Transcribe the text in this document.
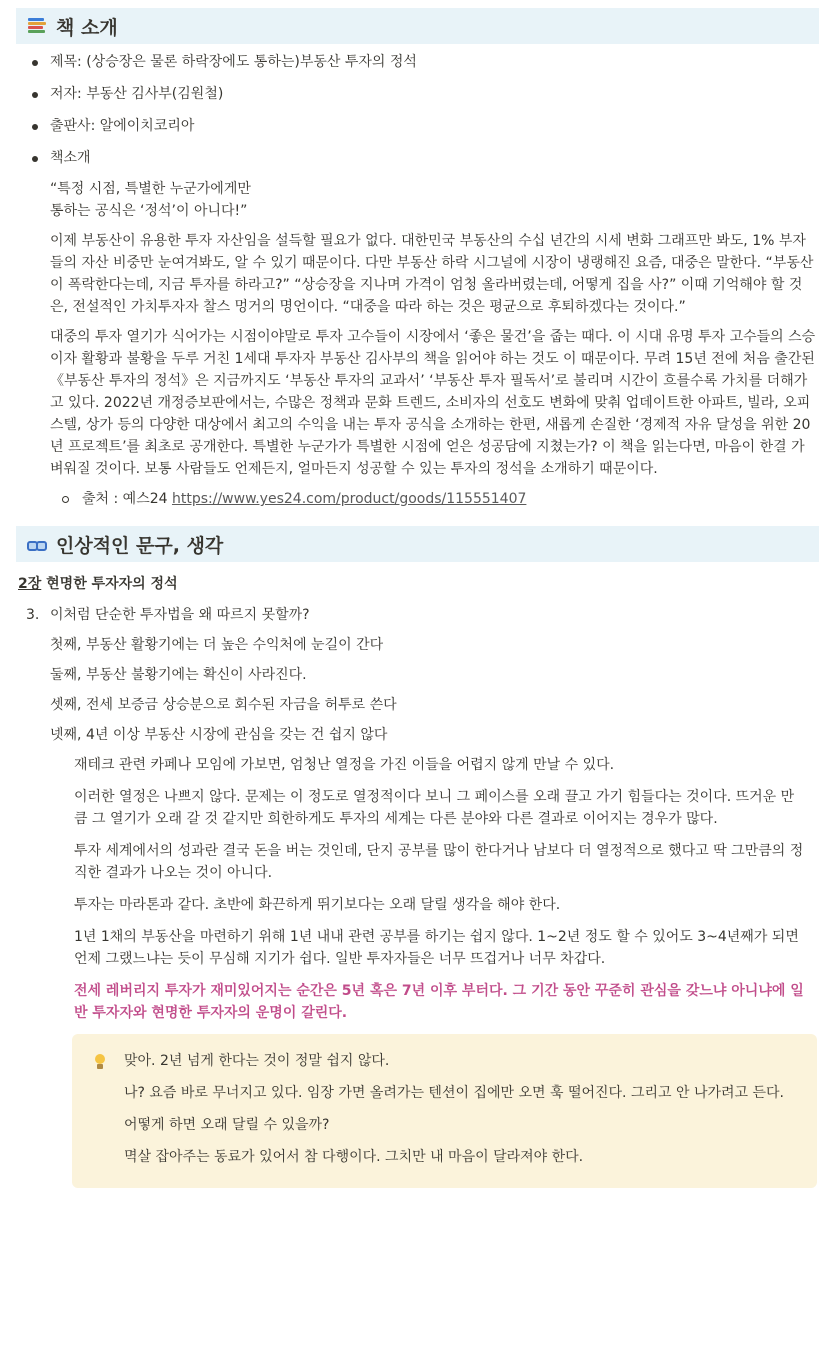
책 소개
제목: (상승장은 물론 하락장에도 통하는)부동산 투자의 정석
저자: 부동산 김사부(김원철)
출판사: 알에이치코리아
책소개
“특정 시점, 특별한 누군가에게만
통하는 공식은 ‘정석’이 아니다!”

이제 부동산이 유용한 투자 자산임을 설득할 필요가 없다. 대한민국 부동산의 수십 년간의 시세 변화 그래프만 봐도, 1% 부자들의 자산 비중만 눈여겨봐도, 알 수 있기 때문이다. 다만 부동산 하락 시그널에 시장이 냉랭해진 요즘, 대중은 말한다. “부동산이 폭락한다는데, 지금 투자를 하라고?” “상승장을 지나며 가격이 엄청 올라버렸는데, 어떻게 집을 사?” 이때 기억해야 할 것은, 전설적인 가치투자자 찰스 멍거의 명언이다. “대중을 따라 하는 것은 평균으로 후퇴하겠다는 것이다.”

대중의 투자 열기가 식어가는 시점이야말로 투자 고수들이 시장에서 ‘좋은 물건’을 줍는 때다. 이 시대 유명 투자 고수들의 스승이자 활황과 불황을 두루 거친 1세대 투자자 부동산 김사부의 책을 읽어야 하는 것도 이 때문이다. 무려 15년 전에 처음 출간된 《부동산 투자의 정석》은 지금까지도 ‘부동산 투자의 교과서’ ‘부동산 투자 필독서’로 불리며 시간이 흐를수록 가치를 더해가고 있다. 2022년 개정증보판에서는, 수많은 정책과 문화 트렌드, 소비자의 선호도 변화에 맞춰 업데이트한 아파트, 빌라, 오피스텔, 상가 등의 다양한 대상에서 최고의 수익을 내는 투자 공식을 소개하는 한편, 새롭게 손질한 ‘경제적 자유 달성을 위한 20년 프로젝트’를 최초로 공개한다. 특별한 누군가가 특별한 시점에 얻은 성공담에 지쳤는가? 이 책을 읽는다면, 마음이 한결 가벼워질 것이다. 보통 사람들도 언제든지, 얼마든지 성공할 수 있는 투자의 정석을 소개하기 때문이다.

출처 : 예스24 https://www.yes24.com/product/goods/115551407
인상적인 문구, 생각
2장 현명한 투자자의 정석
3. 이처럼 단순한 투자법을 왜 따르지 못할까?
첫째, 부동산 활황기에는 더 높은 수익처에 눈길이 간다
둘째, 부동산 불황기에는 확신이 사라진다.
셋째, 전세 보증금 상승분으로 회수된 자금을 허투로 쓴다
넷째, 4년 이상 부동산 시장에 관심을 갖는 건 쉽지 않다
재테크 관련 카페나 모임에 가보면, 엄청난 열정을 가진 이들을 어렵지 않게 만날 수 있다.
이러한 열정은 나쁘지 않다. 문제는 이 정도로 열정적이다 보니 그 페이스를 오래 끌고 가기 힘들다는 것이다. 뜨거운 만큼 그 열기가 오래 갈 것 같지만 희한하게도 투자의 세계는 다른 분야와 다른 결과로 이어지는 경우가 많다.
투자 세계에서의 성과란 결국 돈을 버는 것인데, 단지 공부를 많이 한다거나 남보다 더 열정적으로 했다고 딱 그만큼의 정직한 결과가 나오는 것이 아니다.
투자는 마라톤과 같다. 초반에 화끈하게 뛰기보다는 오래 달릴 생각을 해야 한다.
1년 1채의 부동산을 마련하기 위해 1년 내내 관련 공부를 하기는 쉽지 않다. 1~2년 정도 할 수 있어도 3~4년째가 되면 언제 그랬느냐는 듯이 무심해 지기가 쉽다. 일반 투자자들은 너무 뜨겁거나 너무 차갑다.
전세 레버리지 투자가 재미있어지는 순간은 5년 혹은 7년 이후 부터다. 그 기간 동안 꾸준히 관심을 갖느냐 아니냐에 일반 투자자와 현명한 투자자의 운명이 갈린다.

맞아. 2년 넘게 한다는 것이 정말 쉽지 않다.

나? 요즘 바로 무너지고 있다. 임장 가면 올려가는 텐션이 집에만 오면 훅 떨어진다. 그리고 안 나가려고 든다.

어떻게 하면 오래 달릴 수 있을까?

멱살 잡아주는 동료가 있어서 참 다행이다. 그치만 내 마음이 달라져야 한다.
